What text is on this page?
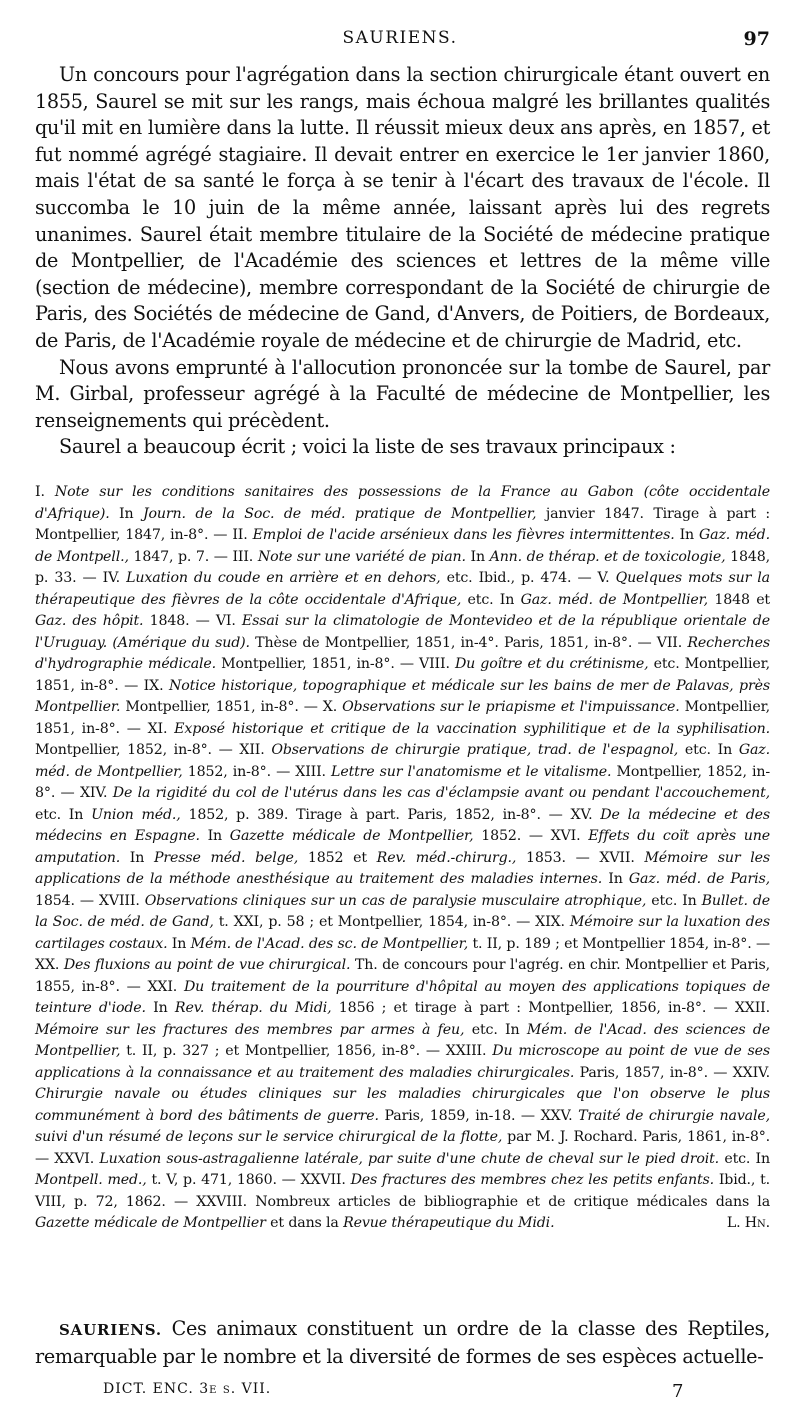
SAURIENS.	97

Un concours pour l'agrégation dans la section chirurgicale étant ouvert en 1855, Saurel se mit sur les rangs, mais échoua malgré les brillantes qualités qu'il mit en lumière dans la lutte. Il réussit mieux deux ans après, en 1857, et fut nommé agrégé stagiaire. Il devait entrer en exercice le 1er janvier 1860, mais l'état de sa santé le força à se tenir à l'écart des travaux de l'école. Il succomba le 10 juin de la même année, laissant après lui des regrets unanimes. Saurel était membre titulaire de la Société de médecine pratique de Montpellier, de l'Académie des sciences et lettres de la même ville (section de médecine), membre correspondant de la Société de chirurgie de Paris, des Sociétés de médecine de Gand, d'Anvers, de Poitiers, de Bordeaux, de Paris, de l'Académie royale de médecine et de chirurgie de Madrid, etc.

Nous avons emprunté à l'allocution prononcée sur la tombe de Saurel, par M. Girbal, professeur agrégé à la Faculté de médecine de Montpellier, les renseignements qui précèdent.

Saurel a beaucoup écrit ; voici la liste de ses travaux principaux :

I. Note sur les conditions sanitaires des possessions de la France au Gabon (côte occidentale d'Afrique). In Journ. de la Soc. de méd. pratique de Montpellier, janvier 1847. Tirage à part : Montpellier, 1847, in-8°. — II. Emploi de l'acide arsénieux dans les fièvres intermittentes. In Gaz. méd. de Montpell., 1847, p. 7. — III. Note sur une variété de pian. In Ann. de thérap. et de toxicologie, 1848, p. 33. — IV. Luxation du coude en arrière et en dehors, etc. Ibid., p. 474. — V. Quelques mots sur la thérapeutique des fièvres de la côte occidentale d'Afrique, etc. In Gaz. méd. de Montpellier, 1848 et Gaz. des hôpit. 1848. — VI. Essai sur la climatologie de Montevideo et de la république orientale de l'Uruguay. (Amérique du sud). Thèse de Montpellier, 1851, in-4°. Paris, 1851, in-8°. — VII. Recherches d'hydrographie médicale. Montpellier, 1851, in-8°. — VIII. Du goître et du crétinisme, etc. Montpellier, 1851, in-8°. — IX. Notice historique, topographique et médicale sur les bains de mer de Palavas, près Montpellier. Montpellier, 1851, in-8°. — X. Observations sur le priapisme et l'impuissance. Montpellier, 1851, in-8°. — XI. Exposé historique et critique de la vaccination syphilitique et de la syphilisation. Montpellier, 1852, in-8°. — XII. Observations de chirurgie pratique, trad. de l'espagnol, etc. In Gaz. méd. de Montpellier, 1852, in-8°. — XIII. Lettre sur l'anatomisme et le vitalisme. Montpellier, 1852, in-8°. — XIV. De la rigidité du col de l'utérus dans les cas d'éclampsie avant ou pendant l'accouchement, etc. In Union méd., 1852, p. 389. Tirage à part. Paris, 1852, in-8°. — XV. De la médecine et des médecins en Espagne. In Gazette médicale de Montpellier, 1852. — XVI. Effets du coït après une amputation. In Presse méd. belge, 1852 et Rev. méd.-chirurg., 1853. — XVII. Mémoire sur les applications de la méthode anesthésique au traitement des maladies internes. In Gaz. méd. de Paris, 1854. — XVIII. Observations cliniques sur un cas de paralysie musculaire atrophique, etc. In Bullet. de la Soc. de méd. de Gand, t. XXI, p. 58 ; et Montpellier, 1854, in-8°. — XIX. Mémoire sur la luxation des cartilages costaux. In Mém. de l'Acad. des sc. de Montpellier, t. II, p. 189 ; et Montpellier 1854, in-8°. — XX. Des fluxions au point de vue chirurgical. Th. de concours pour l'agrég. en chir. Montpellier et Paris, 1855, in-8°. — XXI. Du traitement de la pourriture d'hôpital au moyen des applications topiques de teinture d'iode. In Rev. thérap. du Midi, 1856 ; et tirage à part : Montpellier, 1856, in-8°. — XXII. Mémoire sur les fractures des membres par armes à feu, etc. In Mém. de l'Acad. des sciences de Montpellier, t. II, p. 327 ; et Montpellier, 1856, in-8°. — XXIII. Du microscope au point de vue de ses applications à la connaissance et au traitement des maladies chirurgicales. Paris, 1857, in-8°. — XXIV. Chirurgie navale ou études cliniques sur les maladies chirurgicales que l'on observe le plus communément à bord des bâtiments de guerre. Paris, 1859, in-18. — XXV. Traité de chirurgie navale, suivi d'un résumé de leçons sur le service chirurgical de la flotte, par M. J. Rochard. Paris, 1861, in-8°. — XXVI. Luxation sous-astragalienne latérale, par suite d'une chute de cheval sur le pied droit. etc. In Montpell. med., t. V, p. 471, 1860. — XXVII. Des fractures des membres chez les petits enfants. Ibid., t. VIII, p. 72, 1862. — XXVIII. Nombreux articles de bibliographie et de critique médicales dans la Gazette médicale de Montpellier et dans la Revue thérapeutique du Midi.	L. Hn.
SAURIENS. Ces animaux constituent un ordre de la classe des Reptiles, remarquable par le nombre et la diversité de formes de ses espèces actuelle-
DICT. ENC. 3e s. VII.	7
